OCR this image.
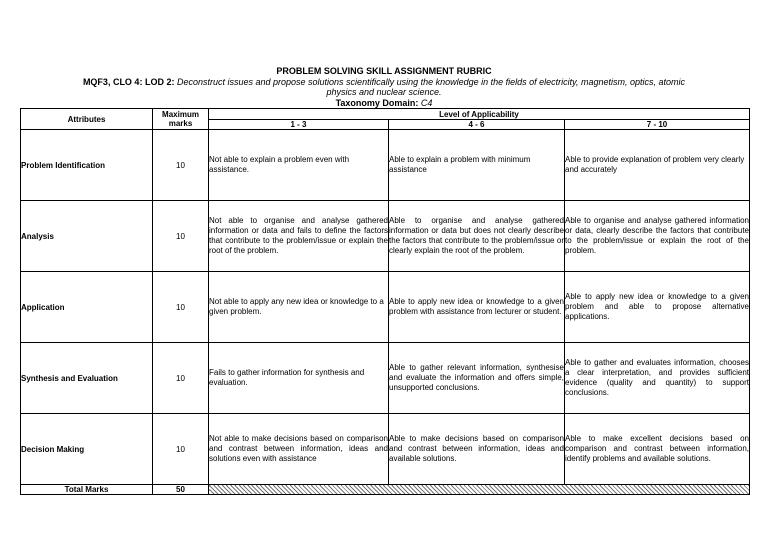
PROBLEM SOLVING SKILL ASSIGNMENT RUBRIC
MQF3, CLO 4: LOD 2: Deconstruct issues and propose solutions scientifically using the knowledge in the fields of electricity, magnetism, optics, atomic
physics and nuclear science.
Taxonomy Domain: C4
Attributes	Maximum marks	Level of Applicability		
		1 - 3	4 - 6	7 - 10
Problem Identification	10	Not able to explain a problem even with assistance.	Able to explain a problem with minimum assistance	Able to provide explanation of problem very clearly and accurately
Analysis	10	Not able to organise and analyse gathered information or data and fails to define the factors that contribute to the problem/issue or explain the root of the problem.	Able to organise and analyse gathered information or data but does not clearly describe the factors that contribute to the problem/issue or clearly explain the root of the problem.	Able to organise and analyse gathered information or data, clearly describe the factors that contribute to the problem/issue or explain the root of the problem.
Application	10	Not able to apply any new idea or knowledge to a given problem.	Able to apply new idea or knowledge to a given problem with assistance from lecturer or student.	Able to apply new idea or knowledge to a given problem and able to propose alternative applications.
Synthesis and Evaluation	10	Fails to gather information for synthesis and evaluation.	Able to gather relevant information, synthesise and evaluate the information and offers simple, unsupported conclusions.	Able to gather and evaluates information, chooses a clear interpretation, and provides sufficient evidence (quality and quantity) to support conclusions.
Decision Making	10	Not able to make decisions based on comparison and contrast between information, ideas and solutions even with assistance	Able to make decisions based on comparison and contrast between information, ideas and available solutions.	Able to make excellent decisions based on comparison and contrast between information, identify problems and available solutions.
Total Marks	50			
